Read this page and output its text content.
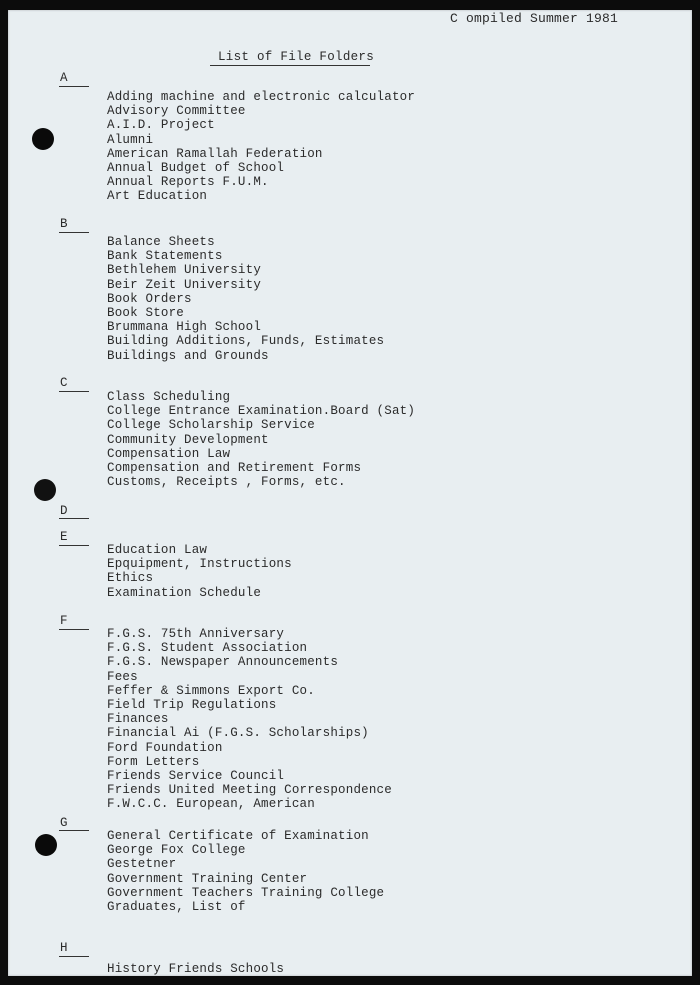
C ompiled Summer 1981
List of File Folders
A
Adding machine and electronic calculator
Advisory Committee
A.I.D. Project
Alumni
American Ramallah Federation
Annual Budget of School
Annual Reports F.U.M.
Art Education
B
Balance Sheets
Bank Statements
Bethlehem University
Beir Zeit University
Book Orders
Book Store
Brummana High School
Building Additions, Funds, Estimates
Buildings and Grounds
C
Class Scheduling
College Entrance Examination.Board (Sat)
College Scholarship Service
Community Development
Compensation Law
Compensation and Retirement Forms
Customs, Receipts , Forms, etc.
D
E
Education Law
Epquipment, Instructions
Ethics
Examination Schedule
F
F.G.S. 75th Anniversary
F.G.S. Student Association
F.G.S. Newspaper Announcements
Fees
Feffer & Simmons Export Co.
Field Trip Regulations
Finances
Financial Ai (F.G.S. Scholarships)
Ford Foundation
Form Letters
Friends Service Council
Friends United Meeting Correspondence
F.W.C.C. European, American
G
General Certificate of Examination
George Fox College
Gestetner
Government Training Center
Government Teachers Training College
Graduates, List of
H
History Friends Schools
